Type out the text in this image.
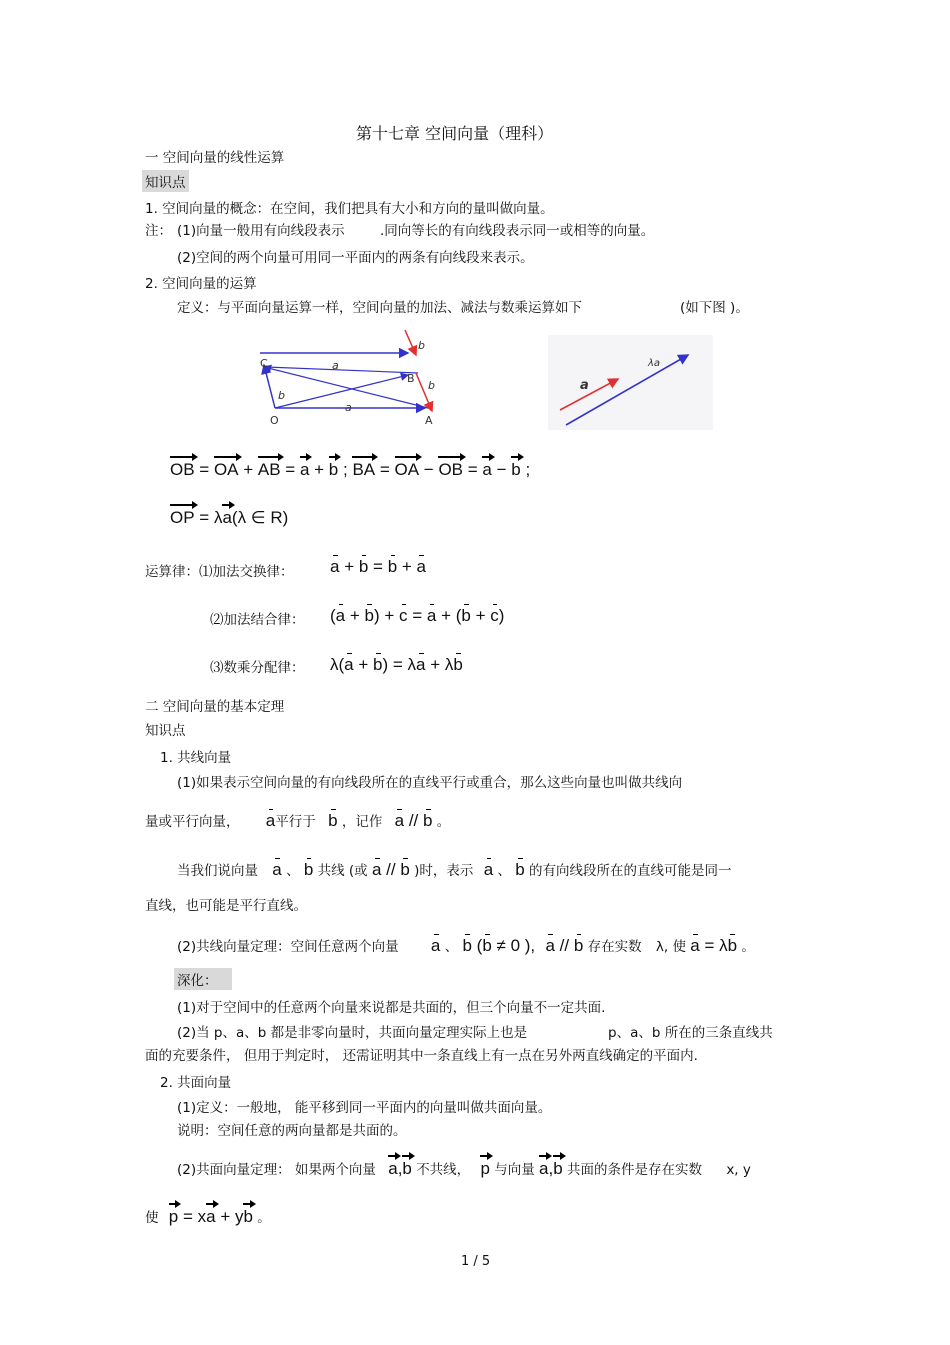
第十七章 空间向量（理科）
一 空间向量的线性运算
知识点
1. 空间向量的概念：在空间，我们把具有大小和方向的量叫做向量。
注： (1)向量一般用有向线段表示	.同向等长的有向线段表示同一或相等的向量。
(2)空间的两个向量可用同一平面内的两条有向线段来表示。
2. 空间向量的运算
定义：与平面向量运算一样，空间向量的加法、减法与数乘运算如下	(如下图 )。
C
B
O	A
a
a
b
b
b
a
λa
OB = OA + AB = a + b ; BA = OA − OB = a − b ;
OP = λa(λ ∈ R)
运算律：⑴加法交换律： a + b = b + a
⑵加法结合律： (a + b) + c = a + (b + c)
⑶数乘分配律： λ(a + b) = λa + λb
二 空间向量的基本定理
知识点
1. 共线向量
(1)如果表示空间向量的有向线段所在的直线平行或重合，那么这些向量也叫做共线向
量或平行向量， a平行于 b ，记作 a // b 。
当我们说向量 a 、 b 共线 (或 a // b )时，表示 a 、 b 的有向线段所在的直线可能是同一
直线，也可能是平行直线。
(2)共线向量定理：空间任意两个向量 a 、 b (b ≠ 0 ), a // b 存在实数 λ, 使 a = λb 。
深化：
(1)对于空间中的任意两个向量来说都是共面的，但三个向量不一定共面.
(2)当 p、a、b 都是非零向量时，共面向量定理实际上也是	p、a、b 所在的三条直线共
面的充要条件， 但用于判定时， 还需证明其中一条直线上有一点在另外两直线确定的平面内.
2. 共面向量
(1)定义：一般地， 能平移到同一平面内的向量叫做共面向量。
说明：空间任意的两向量都是共面的。
(2)共面向量定理： 如果两个向量 a,b 不共线， p 与向量 a,b 共面的条件是存在实数 x, y
使 p = xa + yb 。
1 / 5
